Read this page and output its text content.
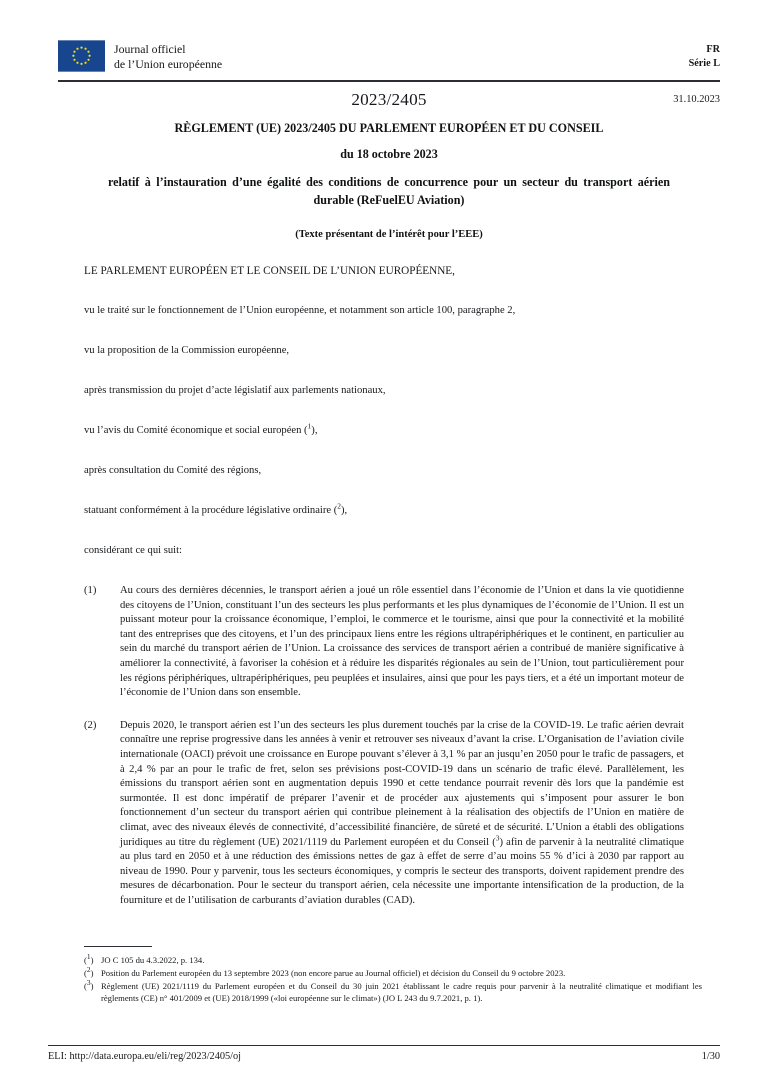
Journal officiel
de l’Union européenne
FR
Série L
2023/2405	31.10.2023
RÈGLEMENT (UE) 2023/2405 DU PARLEMENT EUROPÉEN ET DU CONSEIL
du 18 octobre 2023
relatif à l’instauration d’une égalité des conditions de concurrence pour un secteur du transport aérien durable (ReFuelEU Aviation)
(Texte présentant de l’intérêt pour l’EEE)
LE PARLEMENT EUROPÉEN ET LE CONSEIL DE L’UNION EUROPÉENNE,
vu le traité sur le fonctionnement de l’Union européenne, et notamment son article 100, paragraphe 2,
vu la proposition de la Commission européenne,
après transmission du projet d’acte législatif aux parlements nationaux,
vu l’avis du Comité économique et social européen ($^1$),
après consultation du Comité des régions,
statuant conformément à la procédure législative ordinaire ($^2$),
considérant ce qui suit:
(1)	Au cours des dernières décennies, le transport aérien a joué un rôle essentiel dans l’économie de l’Union et dans la vie quotidienne des citoyens de l’Union, constituant l’un des secteurs les plus performants et les plus dynamiques de l’économie de l’Union. Il est un puissant moteur pour la croissance économique, l’emploi, le commerce et le tourisme, ainsi que pour la connectivité et la mobilité tant des entreprises que des citoyens, et l’un des principaux liens entre les régions ultrapériphériques et le continent, en particulier au sein du marché du transport aérien de l’Union. La croissance des services de transport aérien a contribué de manière significative à améliorer la connectivité, à favoriser la cohésion et à réduire les disparités régionales au sein de l’Union, tout particulièrement pour les régions périphériques, ultrapériphériques, peu peuplées et insulaires, ainsi que pour les pays tiers, et a été un important moteur de l’économie de l’Union dans son ensemble.
(2)	Depuis 2020, le transport aérien est l’un des secteurs les plus durement touchés par la crise de la COVID-19. Le trafic aérien devrait connaître une reprise progressive dans les années à venir et retrouver ses niveaux d’avant la crise. L’Organisation de l’aviation civile internationale (OACI) prévoit une croissance en Europe pouvant s’élever à 3,1 % par an jusqu’en 2050 pour le trafic de passagers, et à 2,4 % par an pour le trafic de fret, selon ses prévisions post-COVID-19 dans un scénario de trafic élevé. Parallèlement, les émissions du transport aérien sont en augmentation depuis 1990 et cette tendance pourrait revenir dès lors que la pandémie est surmontée. Il est donc impératif de préparer l’avenir et de procéder aux ajustements qui s’imposent pour assurer le bon fonctionnement d’un secteur du transport aérien qui contribue pleinement à la réalisation des objectifs de l’Union en matière de climat, avec des niveaux élevés de connectivité, d’accessibilité financière, de sûreté et de sécurité. L’Union a établi des obligations juridiques au titre du règlement (UE) 2021/1119 du Parlement européen et du Conseil ($^3$) afin de parvenir à la neutralité climatique au plus tard en 2050 et à une réduction des émissions nettes de gaz à effet de serre d’au moins 55 % d’ici à 2030 par rapport au niveau de 1990. Pour y parvenir, tous les secteurs économiques, y compris le secteur des transports, doivent rapidement prendre des mesures de décarbonation. Pour le secteur du transport aérien, cela nécessite une importante intensification de la production, de la fourniture et de l’utilisation de carburants d’aviation durables (CAD).
(1) JO C 105 du 4.3.2022, p. 134.
(2) Position du Parlement européen du 13 septembre 2023 (non encore parue au Journal officiel) et décision du Conseil du 9 octobre 2023.
(3) Règlement (UE) 2021/1119 du Parlement européen et du Conseil du 30 juin 2021 établissant le cadre requis pour parvenir à la neutralité climatique et modifiant les règlements (CE) n° 401/2009 et (UE) 2018/1999 («loi européenne sur le climat») (JO L 243 du 9.7.2021, p. 1).
ELI: http://data.europa.eu/eli/reg/2023/2405/oj	1/30
